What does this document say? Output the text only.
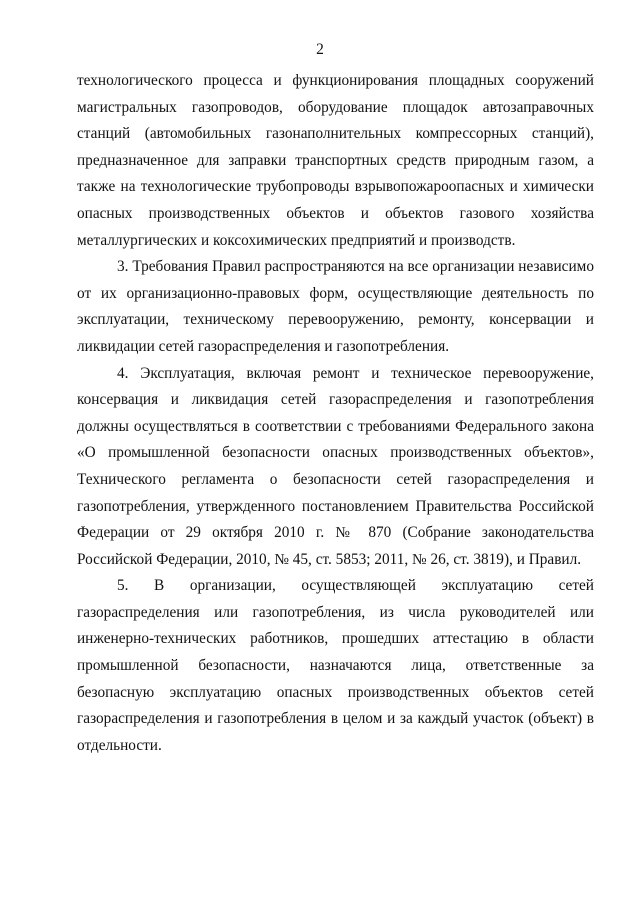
2

технологического процесса и функционирования площадных сооружений магистральных газопроводов, оборудование площадок автозаправочных станций (автомобильных газонаполнительных компрессорных станций), предназначенное для заправки транспортных средств природным газом, а также на технологические трубопроводы взрывопожароопасных и химически опасных производственных объектов и объектов газового хозяйства металлургических и коксохимических предприятий и производств.

3. Требования Правил распространяются на все организации независимо от их организационно-правовых форм, осуществляющие деятельность по эксплуатации, техническому перевооружению, ремонту, консервации и ликвидации сетей газораспределения и газопотребления.

4. Эксплуатация, включая ремонт и техническое перевооружение, консервация и ликвидация сетей газораспределения и газопотребления должны осуществляться в соответствии с требованиями Федерального закона «О промышленной безопасности опасных производственных объектов», Технического регламента о безопасности сетей газораспределения и газопотребления, утвержденного постановлением Правительства Российской Федерации от 29 октября 2010 г. № 870 (Собрание законодательства Российской Федерации, 2010, № 45, ст. 5853; 2011, № 26, ст. 3819), и Правил.

5. В организации, осуществляющей эксплуатацию сетей газораспределения или газопотребления, из числа руководителей или инженерно-технических работников, прошедших аттестацию в области промышленной безопасности, назначаются лица, ответственные за безопасную эксплуатацию опасных производственных объектов сетей газораспределения и газопотребления в целом и за каждый участок (объект) в отдельности.
